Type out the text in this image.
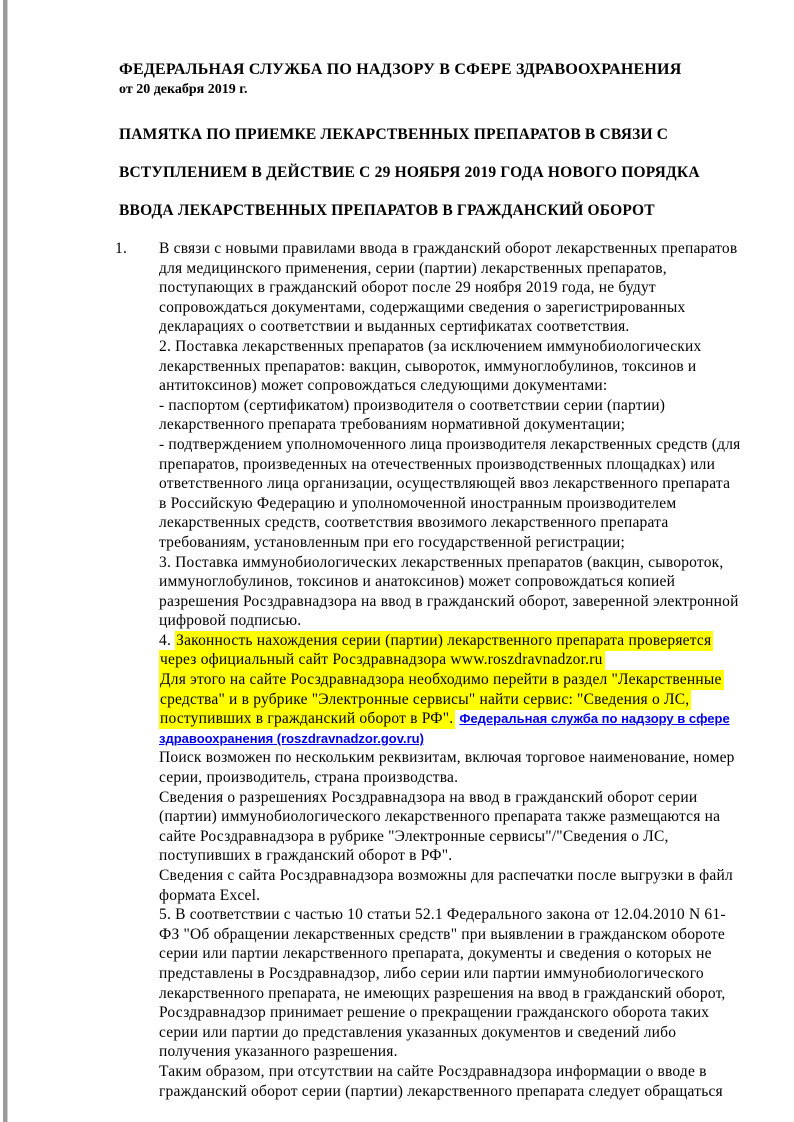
ФЕДЕРАЛЬНАЯ СЛУЖБА ПО НАДЗОРУ В СФЕРЕ ЗДРАВООХРАНЕНИЯ
от 20 декабря 2019 г.
ПАМЯТКА ПО ПРИЕМКЕ ЛЕКАРСТВЕННЫХ ПРЕПАРАТОВ В СВЯЗИ С
ВСТУПЛЕНИЕМ В ДЕЙСТВИЕ С 29 НОЯБРЯ 2019 ГОДА НОВОГО ПОРЯДКА
ВВОДА ЛЕКАРСТВЕННЫХ ПРЕПАРАТОВ В ГРАЖДАНСКИЙ ОБОРОТ

1. В связи с новыми правилами ввода в гражданский оборот лекарственных препаратов для медицинского применения, серии (партии) лекарственных препаратов, поступающих в гражданский оборот после 29 ноября 2019 года, не будут сопровождаться документами, содержащими сведения о зарегистрированных декларациях о соответствии и выданных сертификатах соответствия.

2. Поставка лекарственных препаратов (за исключением иммунобиологических лекарственных препаратов: вакцин, сывороток, иммуноглобулинов, токсинов и антитоксинов) может сопровождаться следующими документами:

- паспортом (сертификатом) производителя о соответствии серии (партии) лекарственного препарата требованиям нормативной документации;

- подтверждением уполномоченного лица производителя лекарственных средств (для препаратов, произведенных на отечественных производственных площадках) или ответственного лица организации, осуществляющей ввоз лекарственного препарата в Российскую Федерацию и уполномоченной иностранным производителем лекарственных средств, соответствия ввозимого лекарственного препарата требованиям, установленным при его государственной регистрации;

3. Поставка иммунобиологических лекарственных препаратов (вакцин, сывороток, иммуноглобулинов, токсинов и анатоксинов) может сопровождаться копией разрешения Росздравнадзора на ввод в гражданский оборот, заверенной электронной цифровой подписью.

4. Законность нахождения серии (партии) лекарственного препарата проверяется через официальный сайт Росздравнадзора www.roszdravnadzor.ru

Для этого на сайте Росздравнадзора необходимо перейти в раздел "Лекарственные средства" и в рубрике "Электронные сервисы" найти сервис: "Сведения о ЛС, поступивших в гражданский оборот в РФ". Федеральная служба по надзору в сфере здравоохранения (roszdravnadzor.gov.ru)

Поиск возможен по нескольким реквизитам, включая торговое наименование, номер серии, производитель, страна производства.

Сведения о разрешениях Росздравнадзора на ввод в гражданский оборот серии (партии) иммунобиологического лекарственного препарата также размещаются на сайте Росздравнадзора в рубрике "Электронные сервисы"/"Сведения о ЛС, поступивших в гражданский оборот в РФ".

Сведения с сайта Росздравнадзора возможны для распечатки после выгрузки в файл формата Excel.

5. В соответствии с частью 10 статьи 52.1 Федерального закона от 12.04.2010 N 61-ФЗ "Об обращении лекарственных средств" при выявлении в гражданском обороте серии или партии лекарственного препарата, документы и сведения о которых не представлены в Росздравнадзор, либо серии или партии иммунобиологического лекарственного препарата, не имеющих разрешения на ввод в гражданский оборот, Росздравнадзор принимает решение о прекращении гражданского оборота таких серии или партии до представления указанных документов и сведений либо получения указанного разрешения.

Таким образом, при отсутствии на сайте Росздравнадзора информации о вводе в гражданский оборот серии (партии) лекарственного препарата следует обращаться
